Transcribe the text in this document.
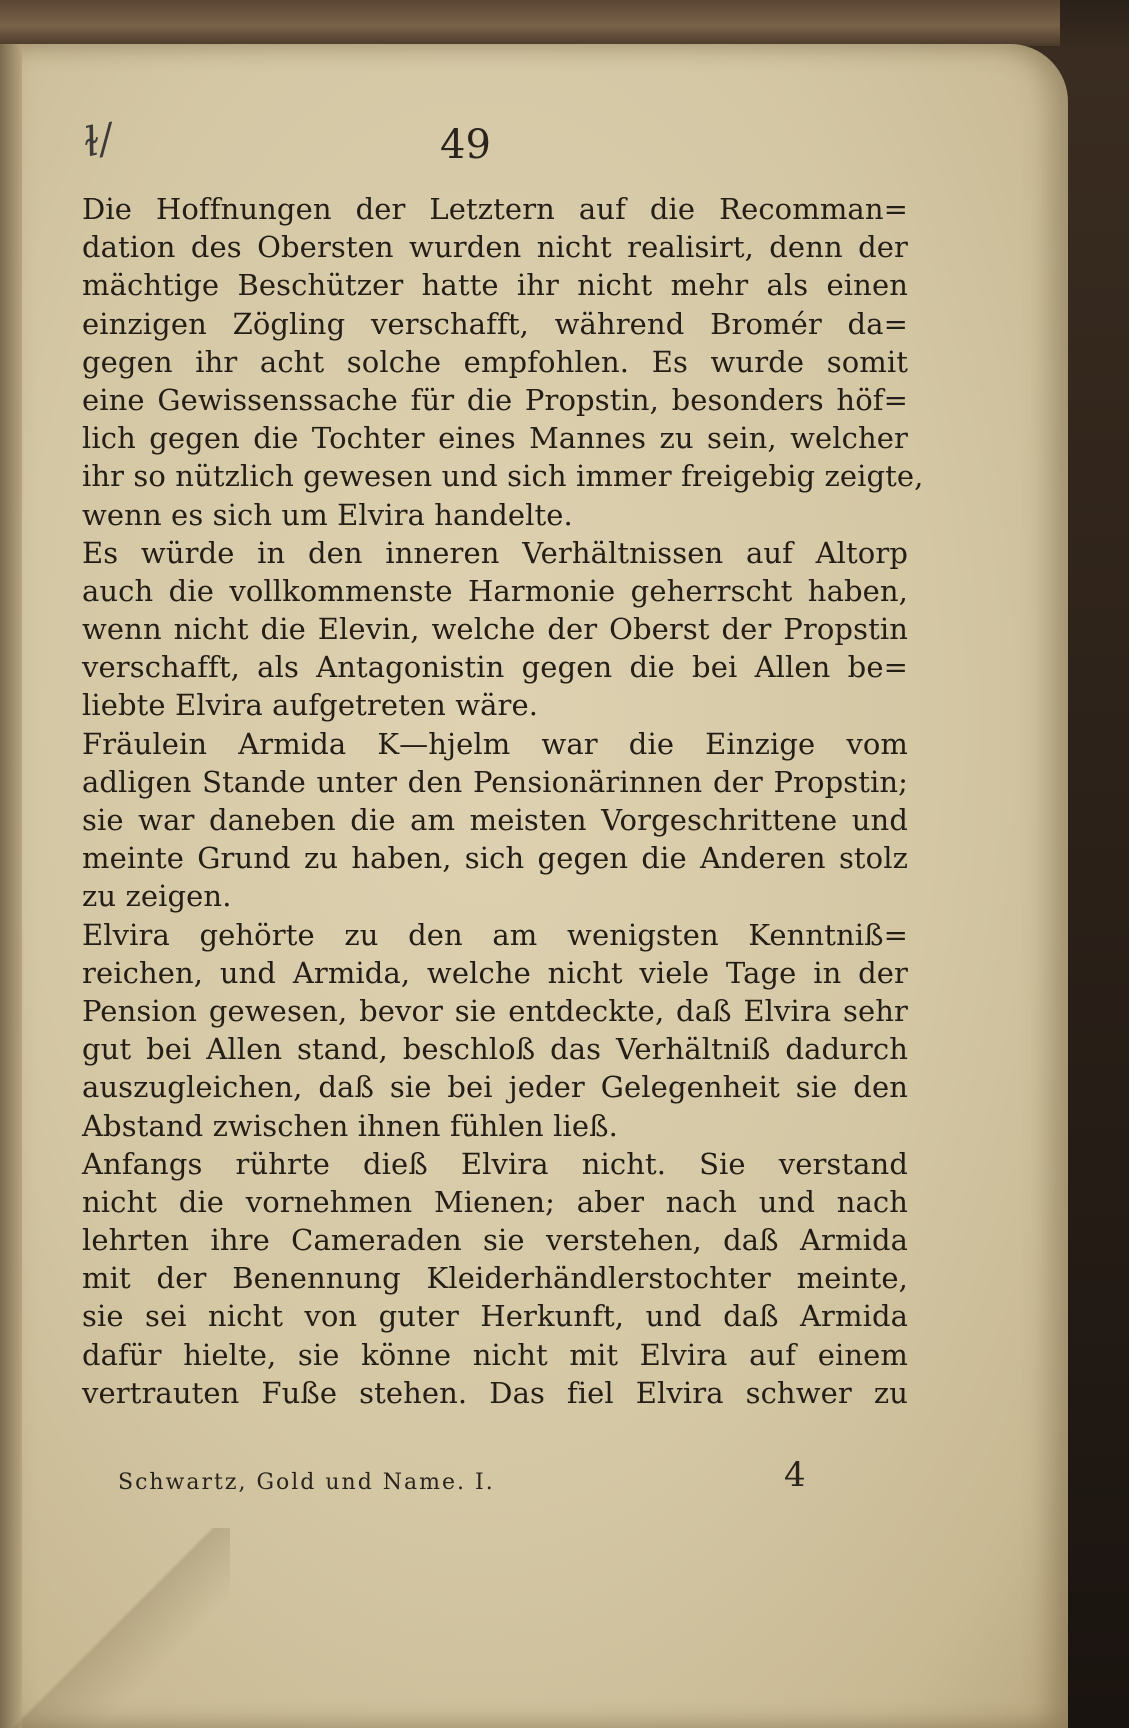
ɫ/	49
Die Hoffnungen der Letztern auf die Recomman=
dation des Obersten wurden nicht realisirt, denn der
mächtige Beschützer hatte ihr nicht mehr als einen
einzigen Zögling verschafft, während Bromér da=
gegen ihr acht solche empfohlen. Es wurde somit
eine Gewissenssache für die Propstin, besonders höf=
lich gegen die Tochter eines Mannes zu sein, welcher
ihr so nützlich gewesen und sich immer freigebig zeigte,
wenn es sich um Elvira handelte.
Es würde in den inneren Verhältnissen auf Altorp
auch die vollkommenste Harmonie geherrscht haben,
wenn nicht die Elevin, welche der Oberst der Propstin
verschafft, als Antagonistin gegen die bei Allen be=
liebte Elvira aufgetreten wäre.
Fräulein Armida K—hjelm war die Einzige vom
adligen Stande unter den Pensionärinnen der Propstin;
sie war daneben die am meisten Vorgeschrittene und
meinte Grund zu haben, sich gegen die Anderen stolz
zu zeigen.
Elvira gehörte zu den am wenigsten Kenntniß=
reichen, und Armida, welche nicht viele Tage in der
Pension gewesen, bevor sie entdeckte, daß Elvira sehr
gut bei Allen stand, beschloß das Verhältniß dadurch
auszugleichen, daß sie bei jeder Gelegenheit sie den
Abstand zwischen ihnen fühlen ließ.
Anfangs rührte dieß Elvira nicht. Sie verstand
nicht die vornehmen Mienen; aber nach und nach
lehrten ihre Cameraden sie verstehen, daß Armida
mit der Benennung Kleiderhändlerstochter meinte,
sie sei nicht von guter Herkunft, und daß Armida
dafür hielte, sie könne nicht mit Elvira auf einem
vertrauten Fuße stehen. Das fiel Elvira schwer zu
Schwartz, Gold und Name. I.	4
